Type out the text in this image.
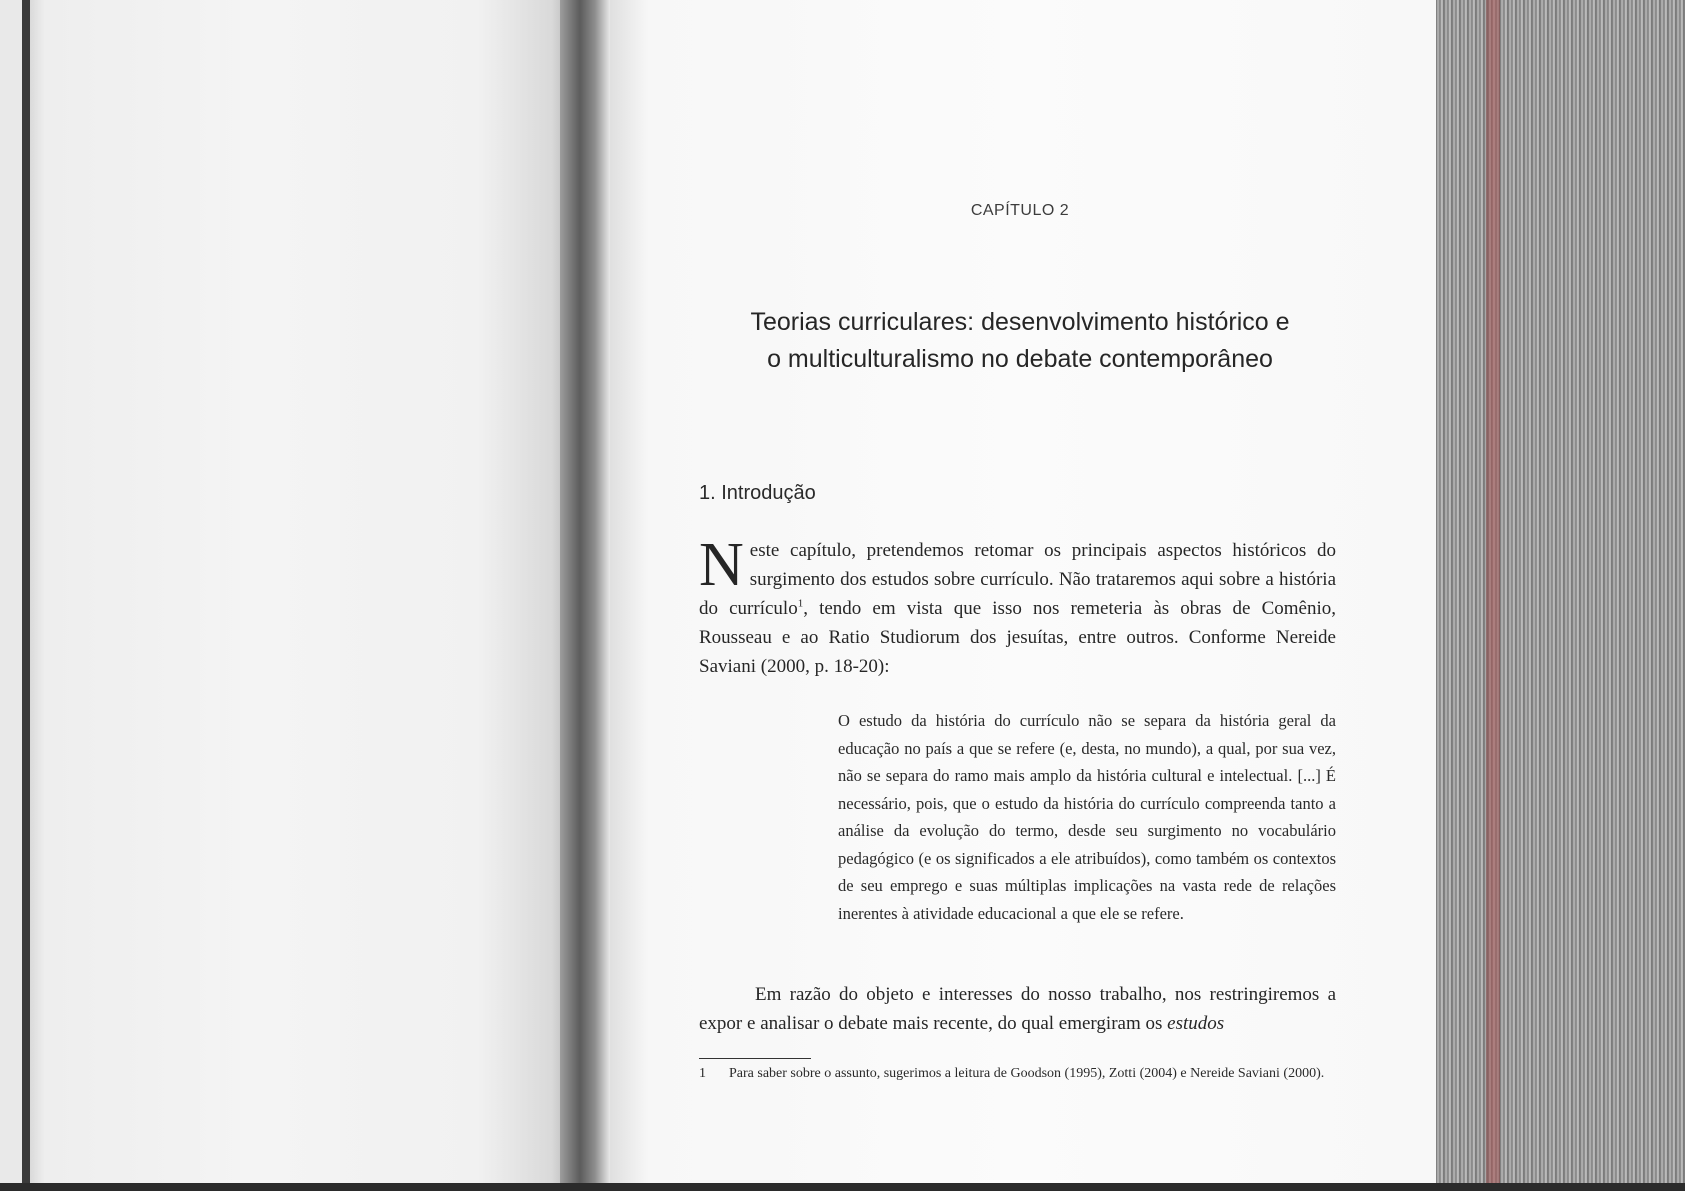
CAPÍTULO 2
Teorias curriculares: desenvolvimento histórico e
o multiculturalismo no debate contemporâneo
1. Introdução

Neste capítulo, pretendemos retomar os principais aspectos históricos do surgimento dos estudos sobre currículo. Não trataremos aqui sobre a história do currículo$^1$, tendo em vista que isso nos remeteria às obras de Comênio, Rousseau e ao Ratio Studiorum dos jesuítas, entre outros. Conforme Nereide Saviani (2000, p. 18-20):

O estudo da história do currículo não se separa da história geral da educação no país a que se refere (e, desta, no mundo), a qual, por sua vez, não se separa do ramo mais amplo da história cultural e intelectual. [...] É necessário, pois, que o estudo da história do currículo compreenda tanto a análise da evolução do termo, desde seu surgimento no vocabulário pedagógico (e os significados a ele atribuídos), como também os contextos de seu emprego e suas múltiplas implicações na vasta rede de relações inerentes à atividade educacional a que ele se refere.

Em razão do objeto e interesses do nosso trabalho, nos restringiremos a expor e analisar o debate mais recente, do qual emergiram os estudos

1 Para saber sobre o assunto, sugerimos a leitura de Goodson (1995), Zotti (2004) e Nereide Saviani (2000).
